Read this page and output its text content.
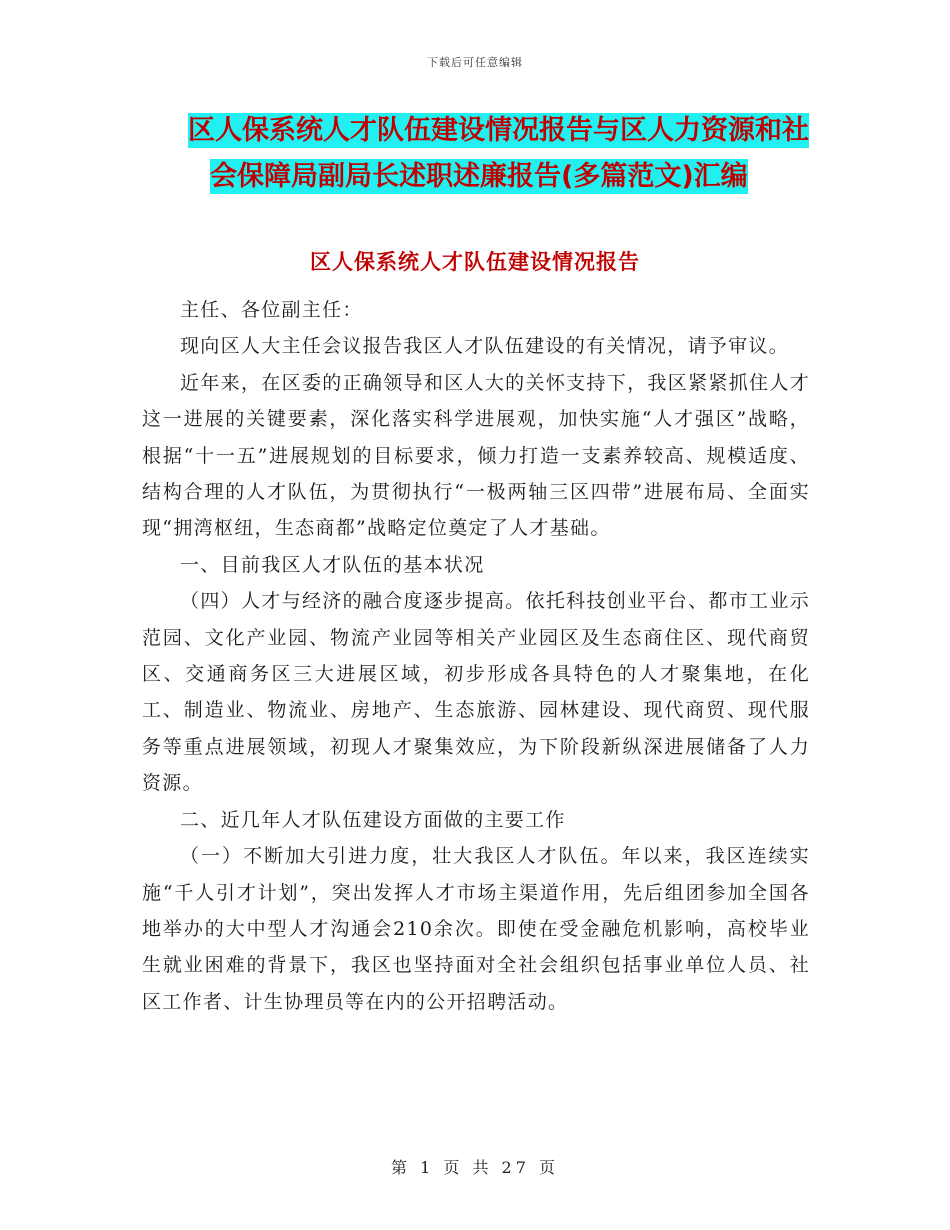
下载后可任意编辑
区人保系统人才队伍建设情况报告与区人力资源和社
会保障局副局长述职述廉报告(多篇范文)汇编
区人保系统人才队伍建设情况报告

主任、各位副主任：

现向区人大主任会议报告我区人才队伍建设的有关情况，请予审议。

近年来，在区委的正确领导和区人大的关怀支持下，我区紧紧抓住人才这一进展的关键要素，深化落实科学进展观，加快实施“人才强区”战略，根据“十一五”进展规划的目标要求，倾力打造一支素养较高、规模适度、结构合理的人才队伍，为贯彻执行“一极两轴三区四带”进展布局、全面实现“拥湾枢纽，生态商都”战略定位奠定了人才基础。

一、目前我区人才队伍的基本状况

（四）人才与经济的融合度逐步提高。依托科技创业平台、都市工业示范园、文化产业园、物流产业园等相关产业园区及生态商住区、现代商贸区、交通商务区三大进展区域，初步形成各具特色的人才聚集地，在化工、制造业、物流业、房地产、生态旅游、园林建设、现代商贸、现代服务等重点进展领域，初现人才聚集效应，为下阶段新纵深进展储备了人力资源。

二、近几年人才队伍建设方面做的主要工作

（一）不断加大引进力度，壮大我区人才队伍。年以来，我区连续实施“千人引才计划”，突出发挥人才市场主渠道作用，先后组团参加全国各地举办的大中型人才沟通会210余次。即使在受金融危机影响，高校毕业生就业困难的背景下，我区也坚持面对全社会组织包括事业单位人员、社区工作者、计生协理员等在内的公开招聘活动。

第 1 页 共 27 页
